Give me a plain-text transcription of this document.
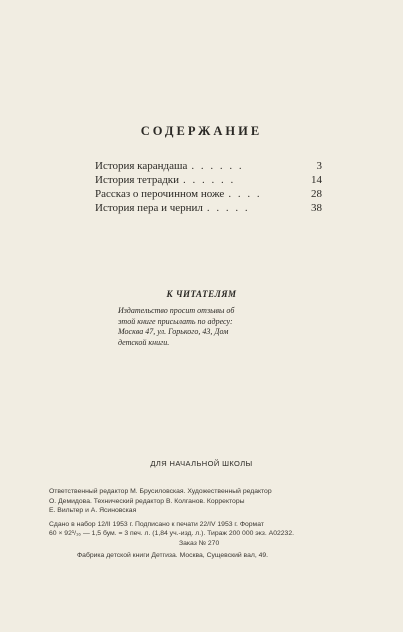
СОДЕРЖАНИЕ
История карандаша . . . . . .	3
История тетрадки . . . . . .	14
Рассказ о перочинном ноже . . . .	28
История пера и чернил . . . . .	38
К ЧИТАТЕЛЯМ
Издательство просит отзывы об
этой книге присылать по адресу:
Москва 47, ул. Горького, 43, Дом
детской книги.
ДЛЯ НАЧАЛЬНОЙ ШКОЛЫ
Ответственный редактор М. Брусиловская. Художественный редактор
О. Демидова. Технический редактор В. Колганов. Корректоры
Е. Вильтер и А. Ясиновская
Сдано в набор 12/II 1953 г. Подписано к печати 22/IV 1953 г. Формат
60 × 92¹/₁₆ — 1,5 бум. = 3 печ. л. (1,84 уч.-изд. л.). Тираж 200 000 экз. А02232.
Заказ № 270
Фабрика детской книги Детгиза. Москва, Сущевский вал, 49.
